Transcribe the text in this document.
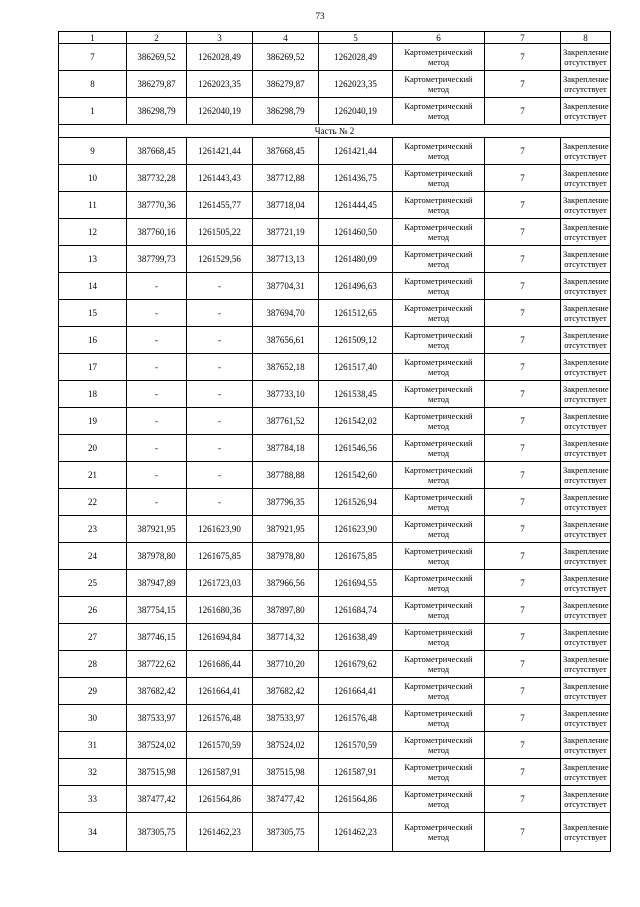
73
1	2	3	4	5	6	7	8
7	386269,52	1262028,49	386269,52	1262028,49	Картометрический метод	7	Закрепление отсутствует
8	386279,87	1262023,35	386279,87	1262023,35	Картометрический метод	7	Закрепление отсутствует
1	386298,79	1262040,19	386298,79	1262040,19	Картометрический метод	7	Закрепление отсутствует
Часть № 2							
9	387668,45	1261421,44	387668,45	1261421,44	Картометрический метод	7	Закрепление отсутствует
10	387732,28	1261443,43	387712,88	1261436,75	Картометрический метод	7	Закрепление отсутствует
11	387770,36	1261455,77	387718,04	1261444,45	Картометрический метод	7	Закрепление отсутствует
12	387760,16	1261505,22	387721,19	1261460,50	Картометрический метод	7	Закрепление отсутствует
13	387799,73	1261529,56	387713,13	1261480,09	Картометрический метод	7	Закрепление отсутствует
14	-	-	387704,31	1261496,63	Картометрический метод	7	Закрепление отсутствует
15	-	-	387694,70	1261512,65	Картометрический метод	7	Закрепление отсутствует
16	-	-	387656,61	1261509,12	Картометрический метод	7	Закрепление отсутствует
17	-	-	387652,18	1261517,40	Картометрический метод	7	Закрепление отсутствует
18	-	-	387733,10	1261538,45	Картометрический метод	7	Закрепление отсутствует
19	-	-	387761,52	1261542,02	Картометрический метод	7	Закрепление отсутствует
20	-	-	387784,18	1261546,56	Картометрический метод	7	Закрепление отсутствует
21	-	-	387788,88	1261542,60	Картометрический метод	7	Закрепление отсутствует
22	-	-	387796,35	1261526,94	Картометрический метод	7	Закрепление отсутствует
23	387921,95	1261623,90	387921,95	1261623,90	Картометрический метод	7	Закрепление отсутствует
24	387978,80	1261675,85	387978,80	1261675,85	Картометрический метод	7	Закрепление отсутствует
25	387947,89	1261723,03	387966,56	1261694,55	Картометрический метод	7	Закрепление отсутствует
26	387754,15	1261680,36	387897,80	1261684,74	Картометрический метод	7	Закрепление отсутствует
27	387746,15	1261694,84	387714,32	1261638,49	Картометрический метод	7	Закрепление отсутствует
28	387722,62	1261686,44	387710,20	1261679,62	Картометрический метод	7	Закрепление отсутствует
29	387682,42	1261664,41	387682,42	1261664,41	Картометрический метод	7	Закрепление отсутствует
30	387533,97	1261576,48	387533,97	1261576,48	Картометрический метод	7	Закрепление отсутствует
31	387524,02	1261570,59	387524,02	1261570,59	Картометрический метод	7	Закрепление отсутствует
32	387515,98	1261587,91	387515,98	1261587,91	Картометрический метод	7	Закрепление отсутствует
33	387477,42	1261564,86	387477,42	1261564,86	Картометрический метод	7	Закрепление отсутствует
34	387305,75	1261462,23	387305,75	1261462,23	Картометрический метод	7	Закрепление отсутствует
